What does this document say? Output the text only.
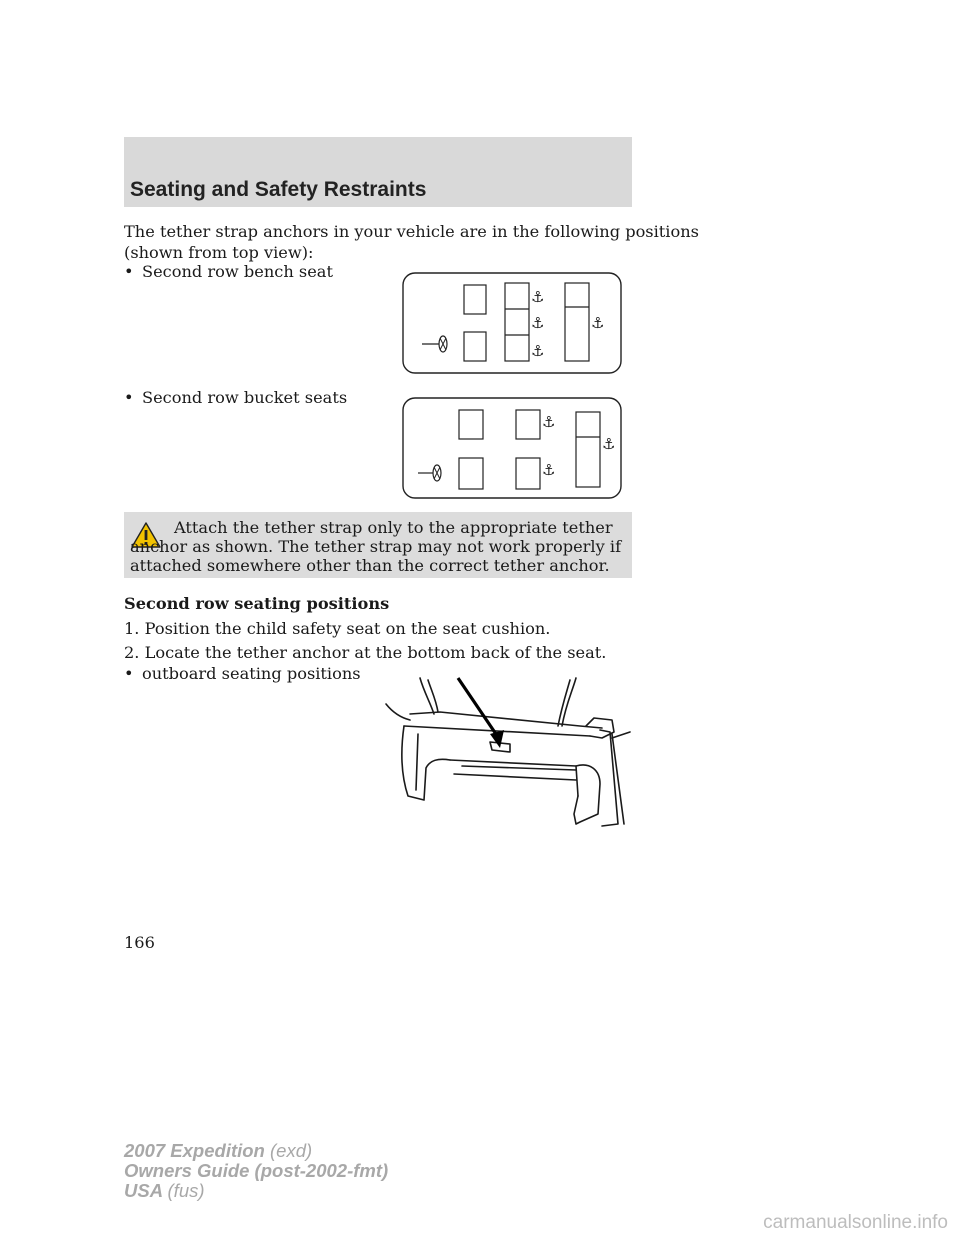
Seating and Safety Restraints
The tether strap anchors in your vehicle are in the following positions
(shown from top view):
• Second row bench seat
⚓
⚓
⚓
⚓
• Second row bucket seats
⚓
⚓
⚓
Attach the tether strap only to the appropriate tether anchor as shown. The tether strap may not work properly if attached somewhere other than the correct tether anchor.
Second row seating positions
1. Position the child safety seat on the seat cushion.
2. Locate the tether anchor at the bottom back of the seat.
• outboard seating positions
166
2007 Expedition (exd)
Owners Guide (post-2002-fmt)
USA (fus)
carmanualsonline.info
